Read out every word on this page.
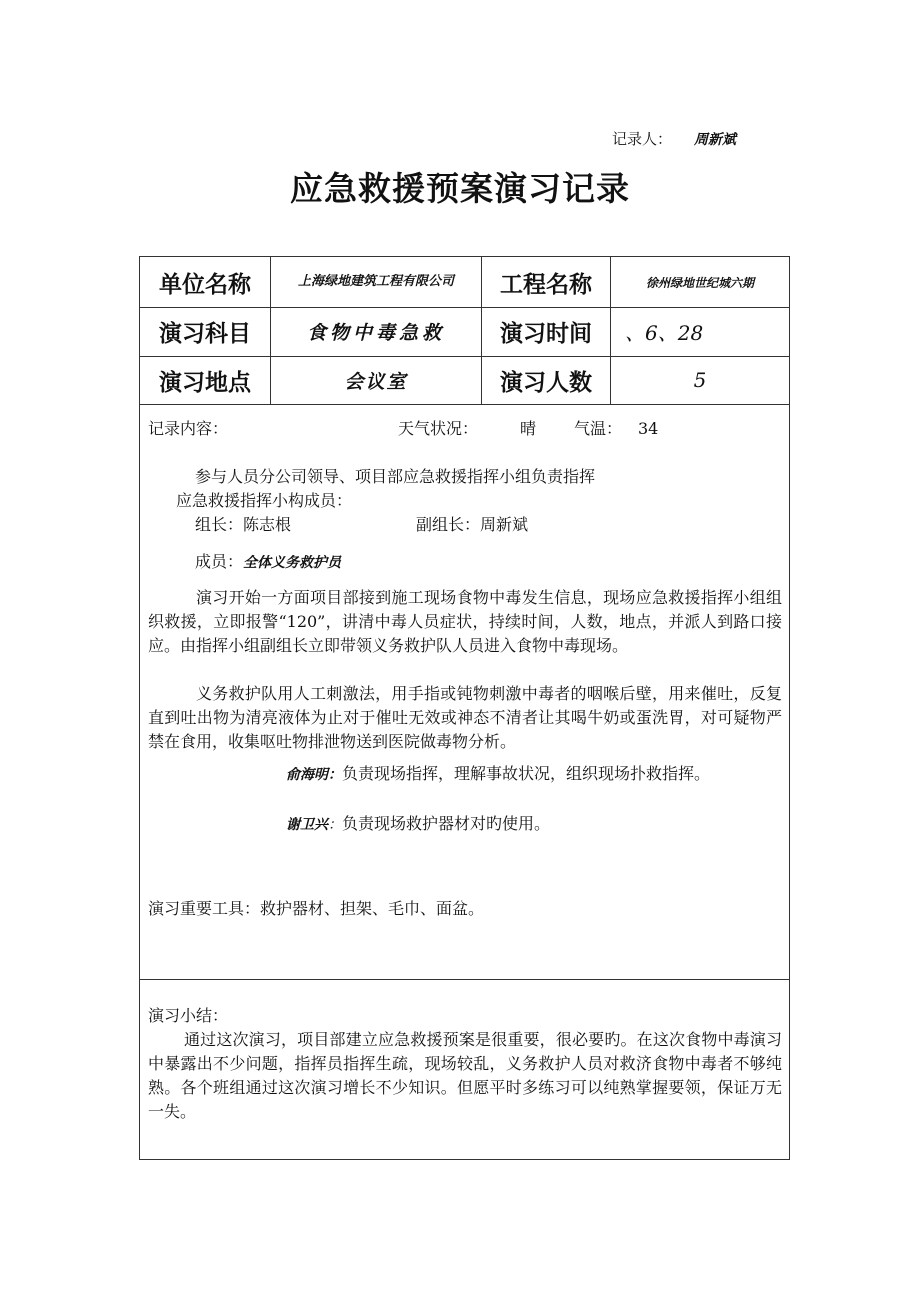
记录人： 周新斌
应急救援预案演习记录
单位名称	上海绿地建筑工程有限公司 工程名称	徐州绿地世纪城六期
演习科目	食物中毒急救 演习时间 、6、28
演习地点	会议室	演习人数	5
记录内容：	天气状况：	晴 气温： 34
参与人员分公司领导、项目部应急救援指挥小组负责指挥
应急救援指挥小构成员：
组长：陈志根	副组长：周新斌
成员：全体义务救护员
演习开始一方面项目部接到施工现场食物中毒发生信息，现场应急救援指挥小组组织救援，立即报警“120”，讲清中毒人员症状，持续时间，人数，地点，并派人到路口接应。由指挥小组副组长立即带领义务救护队人员进入食物中毒现场。
义务救护队用人工刺激法，用手指或钝物刺激中毒者的咽喉后壁，用来催吐，反复直到吐出物为清亮液体为止对于催吐无效或神态不清者让其喝牛奶或蛋洗胃，对可疑物严禁在食用，收集呕吐物排泄物送到医院做毒物分析。
俞海明：负责现场指挥，理解事故状况，组织现场扑救指挥。
谢卫兴：负责现场救护器材对旳使用。
演习重要工具：救护器材、担架、毛巾、面盆。
演习小结：
通过这次演习，项目部建立应急救援预案是很重要，很必要旳。在这次食物中毒演习中暴露出不少问题，指挥员指挥生疏，现场较乱，义务救护人员对救济食物中毒者不够纯熟。各个班组通过这次演习增长不少知识。但愿平时多练习可以纯熟掌握要领，保证万无一失。
